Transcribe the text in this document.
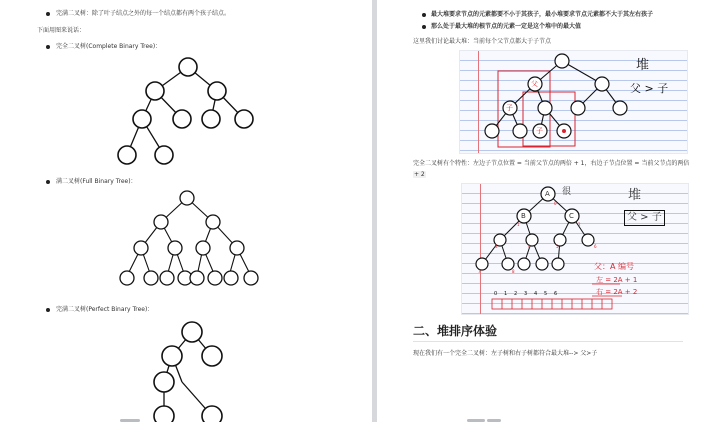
完满二叉树：除了叶子结点之外的每一个结点都有两个孩子结点。
下面用图来说话：
完全二叉树(Complete Binary Tree)：
满二叉树(Full Binary Tree)：
完满二叉树(Perfect Binary Tree)：
最大堆要求节点的元素都要不小于其孩子，最小堆要求节点元素都不大于其左右孩子
那么处于最大堆的根节点的元素一定是这个堆中的最大值
这里我们讨论最大堆：当前每个父节点都大于子节点
父
子
子
堆
父 > 子
完全二叉树有个特性：左边子节点位置 = 当前父节点的两倍 + 1，右边子节点位置 = 当前父节点的两倍
+ 2
A
B	C
很	堆
父 > 子
父：A 编号
左 = 2A + 1
右 = 2A + 2
0 1 2 3 4 5 6
0
1	2
3	4	5	6
7	8
二、堆排序体验
现在我们有一个完全二叉树：左子树和右子树都符合最大堆--> 父>子
